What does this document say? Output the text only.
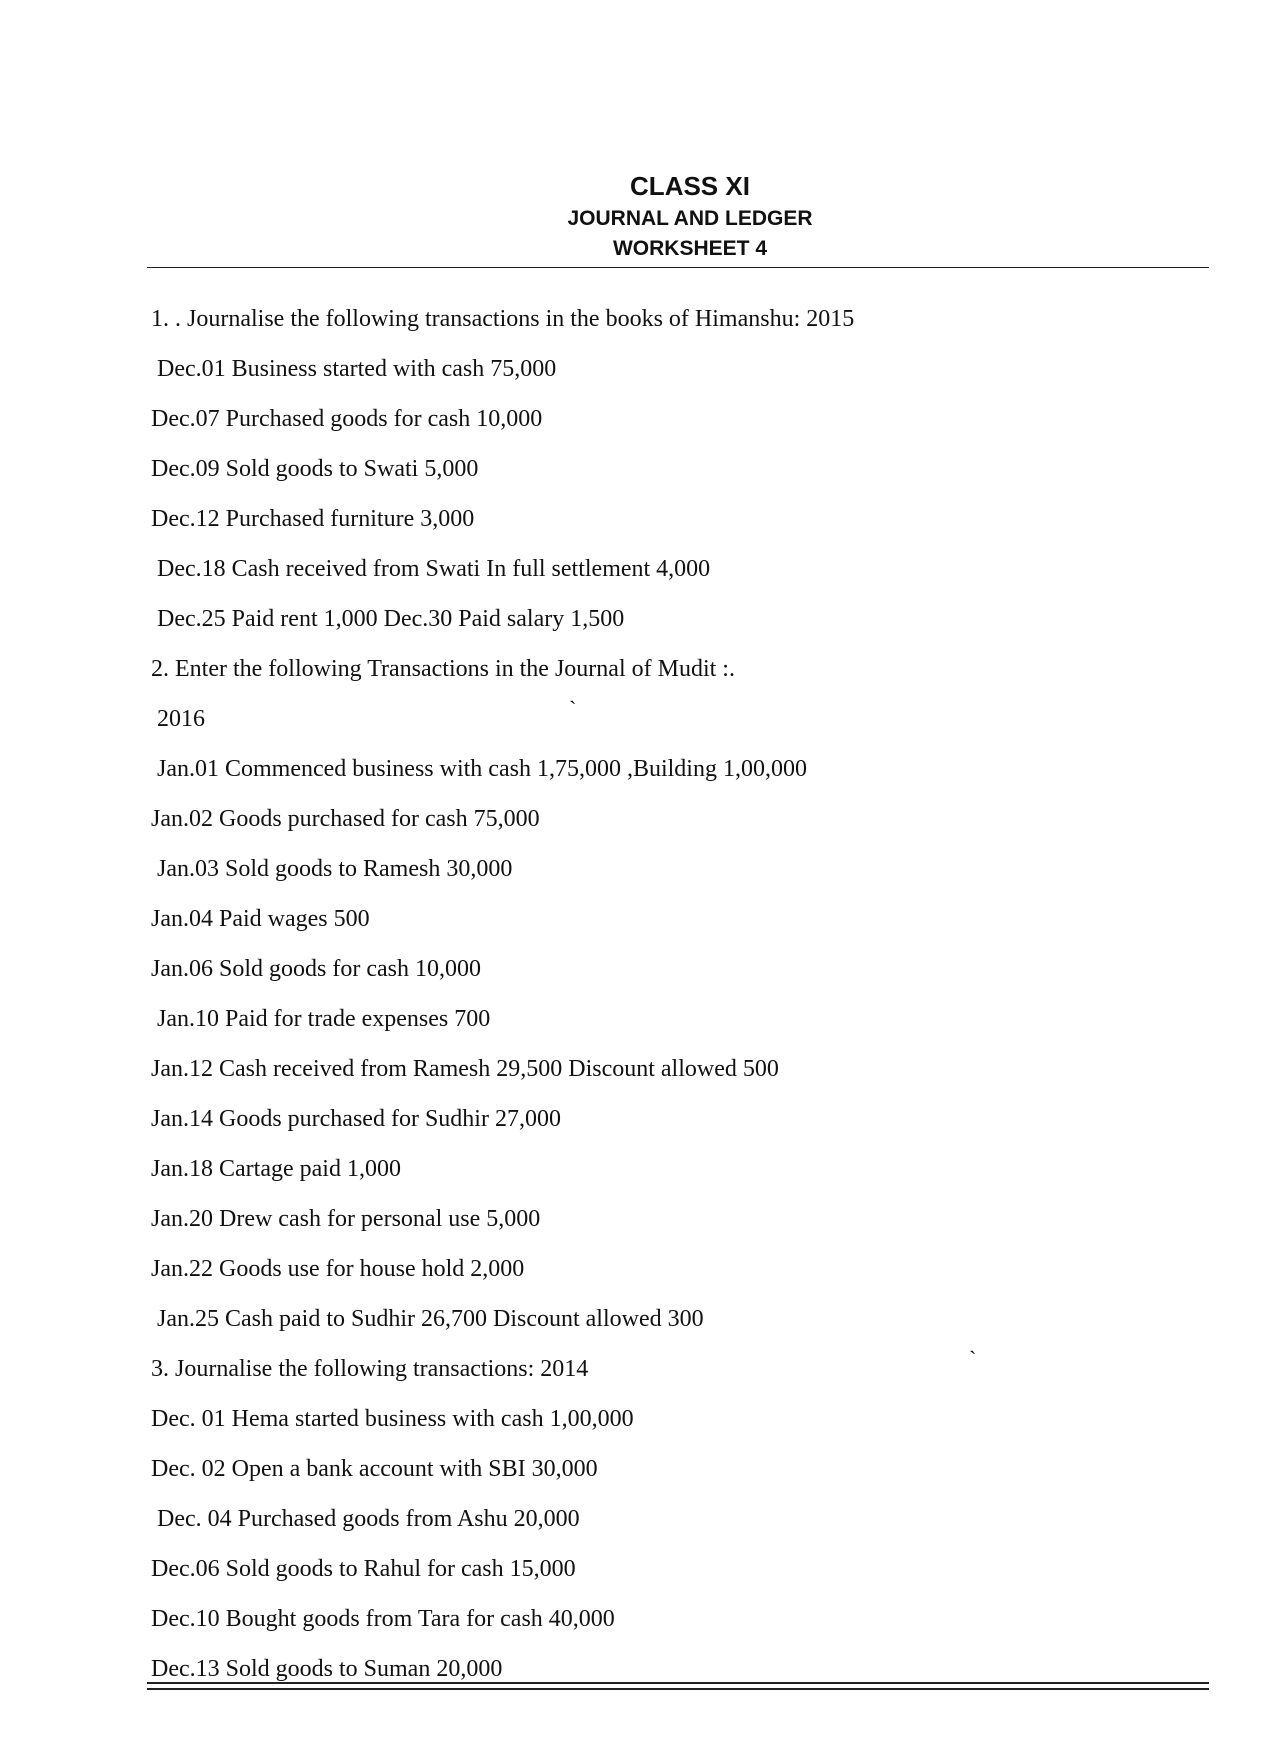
CLASS XI
JOURNAL AND LEDGER
WORKSHEET 4
1. . Journalise the following transactions in the books of Himanshu: 2015
Dec.01 Business started with cash 75,000
Dec.07 Purchased goods for cash 10,000
Dec.09 Sold goods to Swati 5,000
Dec.12 Purchased furniture 3,000
Dec.18 Cash received from Swati In full settlement 4,000
Dec.25 Paid rent 1,000 Dec.30 Paid salary 1,500
2. Enter the following Transactions in the Journal of Mudit :.
2016	`
Jan.01 Commenced business with cash 1,75,000 ,Building 1,00,000
Jan.02 Goods purchased for cash 75,000
Jan.03 Sold goods to Ramesh 30,000
Jan.04 Paid wages 500
Jan.06 Sold goods for cash 10,000
Jan.10 Paid for trade expenses 700
Jan.12 Cash received from Ramesh 29,500 Discount allowed 500
Jan.14 Goods purchased for Sudhir 27,000
Jan.18 Cartage paid 1,000
Jan.20 Drew cash for personal use 5,000
Jan.22 Goods use for house hold 2,000
Jan.25 Cash paid to Sudhir 26,700 Discount allowed 300
3. Journalise the following transactions: 2014	`
Dec. 01 Hema started business with cash 1,00,000
Dec. 02 Open a bank account with SBI 30,000
Dec. 04 Purchased goods from Ashu 20,000
Dec.06 Sold goods to Rahul for cash 15,000
Dec.10 Bought goods from Tara for cash 40,000
Dec.13 Sold goods to Suman 20,000
